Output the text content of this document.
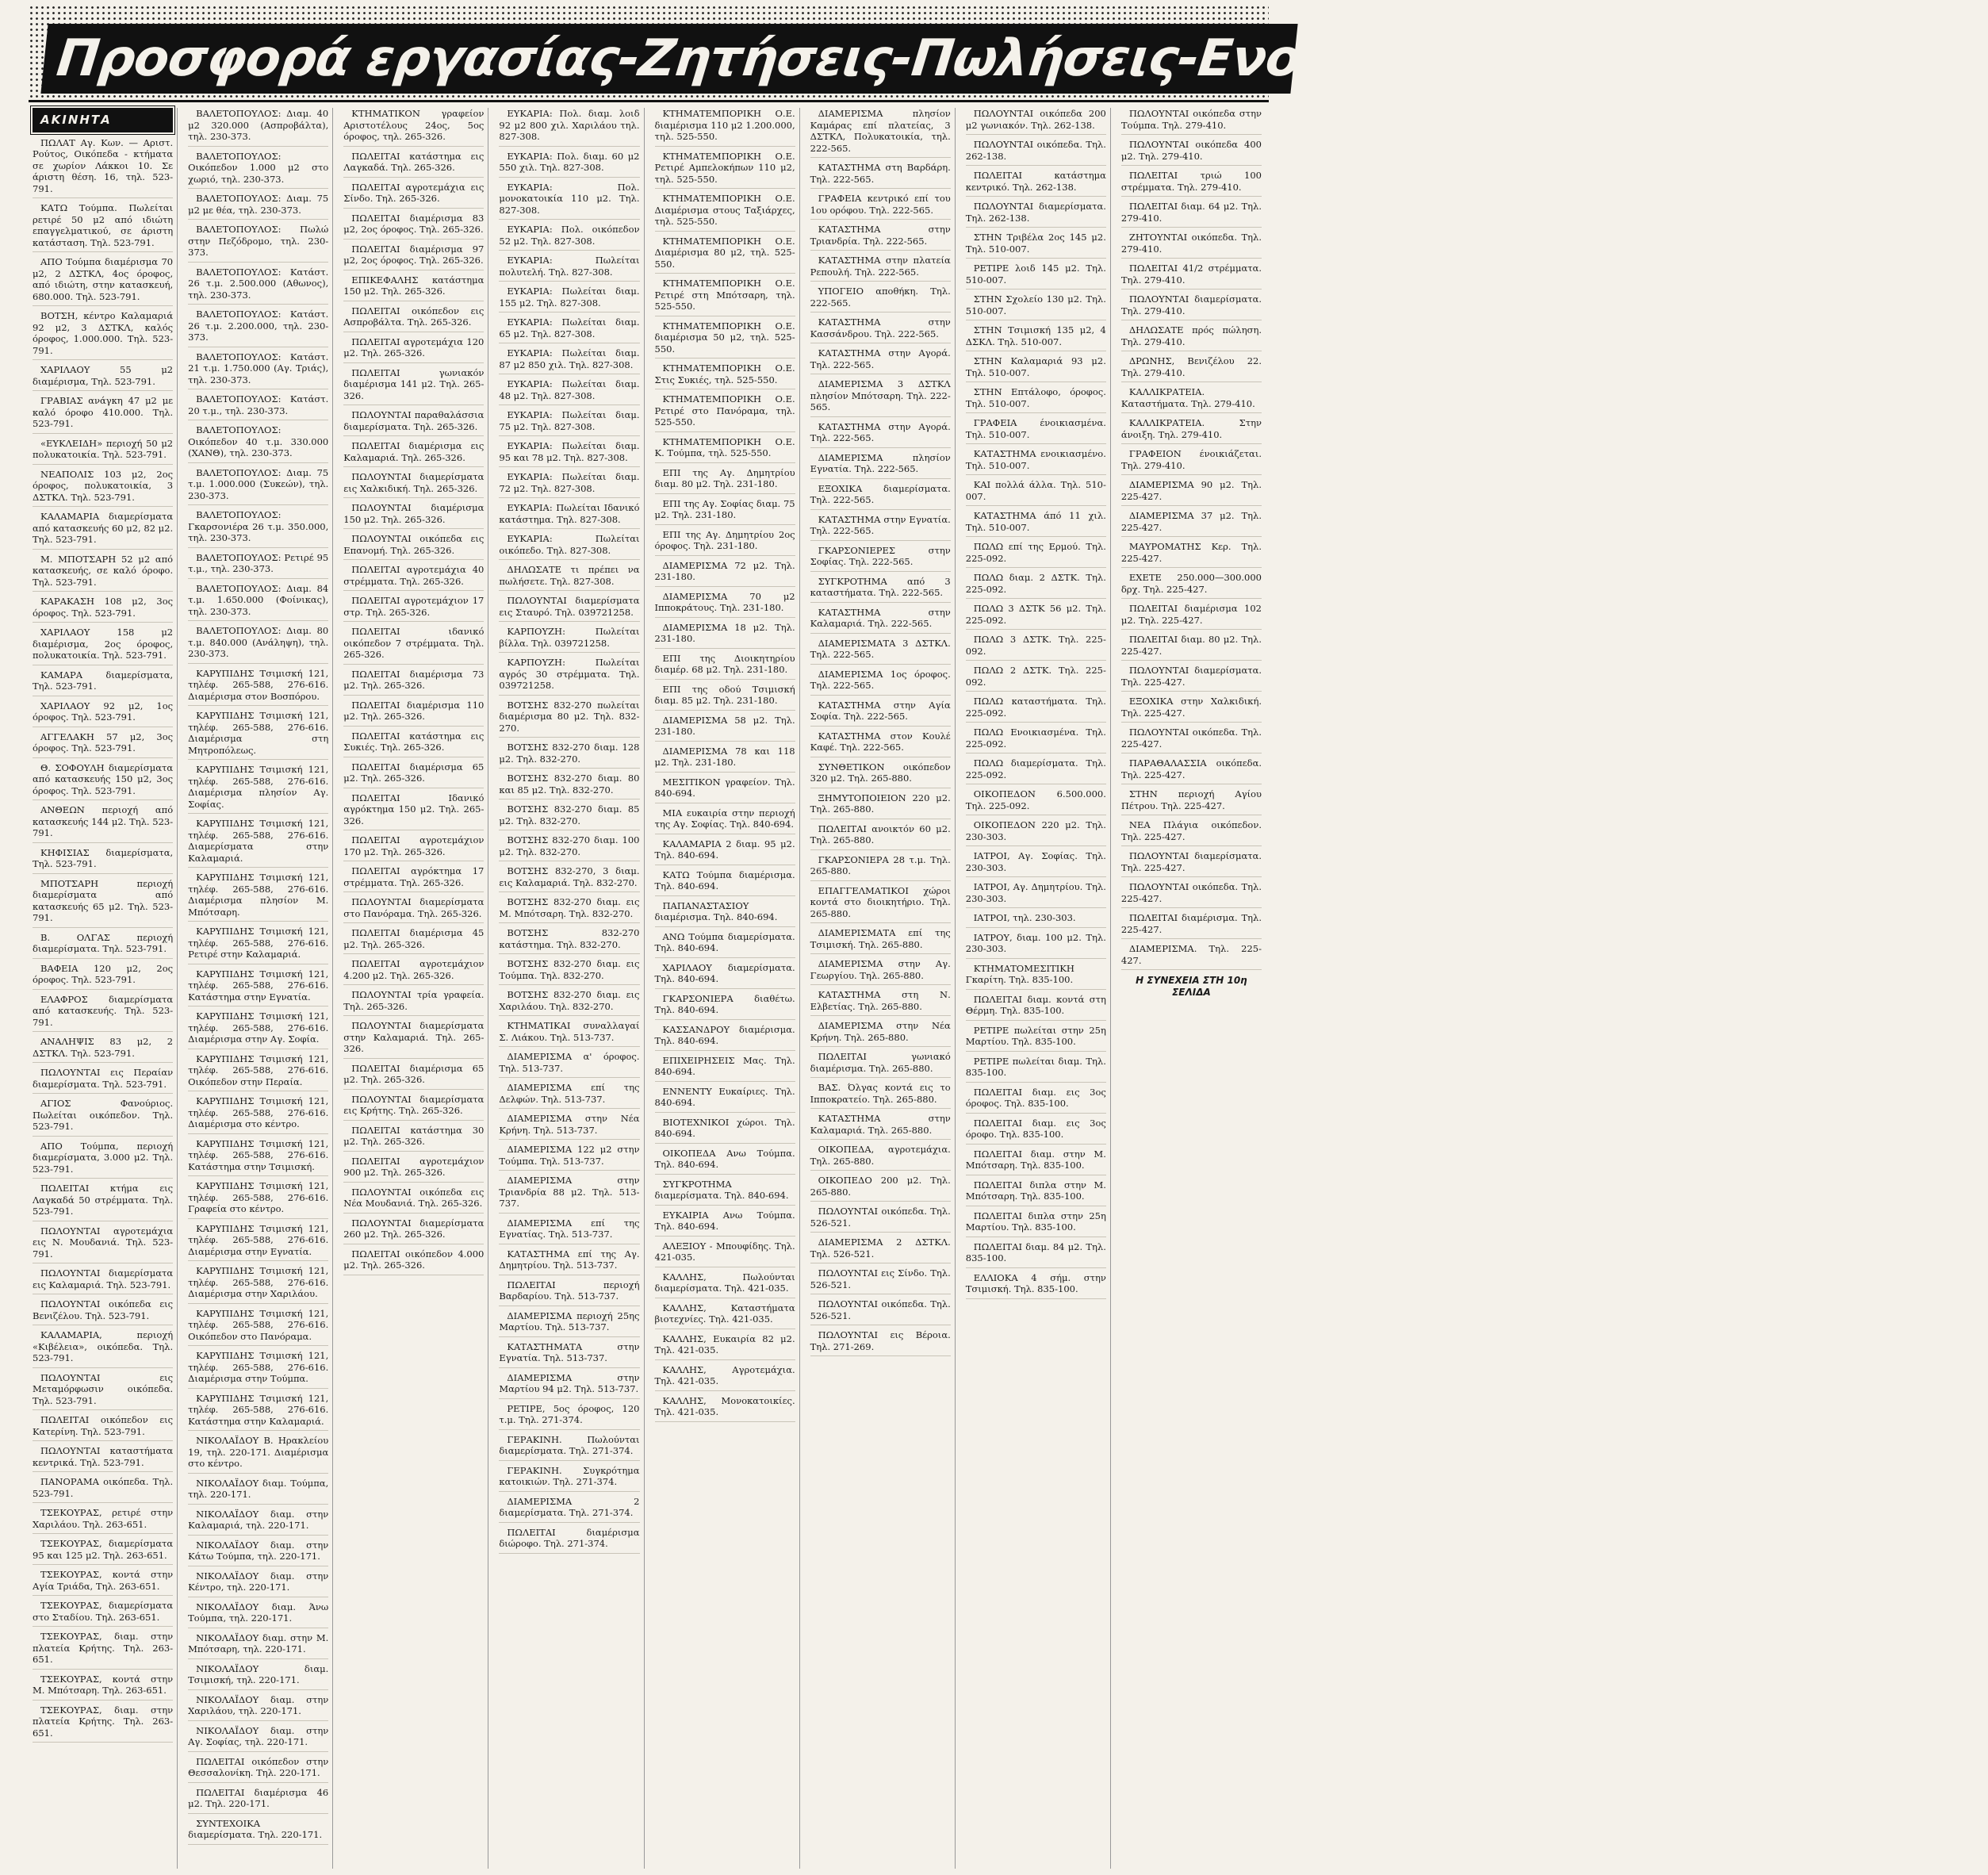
Προσφορά εργασίας-Ζητήσεις-Πωλήσεις-Ενοικιάσεις-Αγοραί-Ακίνητα
ΑΚΙΝΗΤΑ

ΠΩΛΑΤ Αγ. Κων. — Αριστ. Ρούτος, Οικόπεδα - κτήματα σε χωρίον Λάκκοι 10. Σε άριστη θέση. 16, τηλ. 523-791.

ΚΑΤΩ Τούμπα. Πωλείται ρετιρέ 50 μ2 από ιδιώτη επαγγελματικού, σε άριστη κατάσταση. Τηλ. 523-791.

ΑΠΟ Τούμπα διαμέρισμα 70 μ2, 2 ΔΣΤΚΛ, 4ος όροφος, από ιδιώτη, στην κατασκευή, 680.000. Τηλ. 523-791.

ΒΟΤΣΗ, κέντρο Καλαμαριά 92 μ2, 3 ΔΣΤΚΛ, καλός όροφος, 1.000.000. Τηλ. 523-791.

ΧΑΡΙΛΑΟΥ 55 μ2 διαμέρισμα, Τηλ. 523-791.

ΓΡΑΒΙΑΣ ανάγκη 47 μ2 με καλό όροφο 410.000. Τηλ. 523-791.

«ΕΥΚΛΕΙΔΗ» περιοχή 50 μ2 πολυκατοικία. Τηλ. 523-791.

ΝΕΑΠΟΛΙΣ 103 μ2, 2ος όροφος, πολυκατοικία, 3 ΔΣΤΚΛ. Τηλ. 523-791.

ΚΑΛΑΜΑΡΙΑ διαμερίσματα από κατασκευής 60 μ2, 82 μ2. Τηλ. 523-791.

Μ. ΜΠΟΤΣΑΡΗ 52 μ2 από κατασκευής, σε καλό όροφο. Τηλ. 523-791.

ΚΑΡΑΚΑΣΗ 108 μ2, 3ος όροφος. Τηλ. 523-791.

ΧΑΡΙΛΑΟΥ 158 μ2 διαμέρισμα, 2ος όροφος, πολυκατοικία. Τηλ. 523-791.

ΚΑΜΑΡΑ διαμερίσματα, Τηλ. 523-791.

ΧΑΡΙΛΑΟΥ 92 μ2, 1ος όροφος. Τηλ. 523-791.

ΑΓΓΕΛΑΚΗ 57 μ2, 3ος όροφος. Τηλ. 523-791.

Θ. ΣΟΦΟΥΛΗ διαμερίσματα από κατασκευής 150 μ2, 3ος όροφος. Τηλ. 523-791.

ΑΝΘΕΩΝ περιοχή από κατασκευής 144 μ2. Τηλ. 523-791.

ΚΗΦΙΣΙΑΣ διαμερίσματα, Τηλ. 523-791.

ΜΠΟΤΣΑΡΗ περιοχή διαμερίσματα από κατασκευής 65 μ2. Τηλ. 523-791.

Β. ΟΛΓΑΣ περιοχή διαμερίσματα. Τηλ. 523-791.

ΒΑΦΕΙΑ 120 μ2, 2ος όροφος. Τηλ. 523-791.

ΕΛΑΦΡΟΣ διαμερίσματα από κατασκευής. Τηλ. 523-791.

ΑΝΑΛΗΨΙΣ 83 μ2, 2 ΔΣΤΚΛ. Τηλ. 523-791.

ΠΩΛΟΥΝΤΑΙ εις Περαίαν διαμερίσματα. Τηλ. 523-791.

ΑΓΙΟΣ Φανούριος. Πωλείται οικόπεδον. Τηλ. 523-791.

ΑΠΟ Τούμπα, περιοχή διαμερίσματα, 3.000 μ2. Τηλ. 523-791.

ΠΩΛΕΙΤΑΙ κτήμα εις Λαγκαδά 50 στρέμματα. Τηλ. 523-791.

ΠΩΛΟΥΝΤΑΙ αγροτεμάχια εις Ν. Μουδανιά. Τηλ. 523-791.

ΠΩΛΟΥΝΤΑΙ διαμερίσματα εις Καλαμαριά. Τηλ. 523-791.

ΠΩΛΟΥΝΤΑΙ οικόπεδα εις Βενιζέλου. Τηλ. 523-791.

ΚΑΛΑΜΑΡΙΑ, περιοχή «Κιβέλεια», οικόπεδα. Τηλ. 523-791.

ΠΩΛΟΥΝΤΑΙ εις Μεταμόρφωσιν οικόπεδα. Τηλ. 523-791.

ΠΩΛΕΙΤΑΙ οικόπεδον εις Κατερίνη. Τηλ. 523-791.

ΠΩΛΟΥΝΤΑΙ καταστήματα κεντρικά. Τηλ. 523-791.

ΠΑΝΟΡΑΜΑ οικόπεδα. Τηλ. 523-791.

ΤΣΕΚΟΥΡΑΣ, ρετιρέ στην Χαριλάου. Τηλ. 263-651.

ΤΣΕΚΟΥΡΑΣ, διαμερίσματα 95 και 125 μ2. Τηλ. 263-651.

ΤΣΕΚΟΥΡΑΣ, κοντά στην Αγία Τριάδα, Τηλ. 263-651.

ΤΣΕΚΟΥΡΑΣ, διαμερίσματα στο Σταδίου. Τηλ. 263-651.

ΤΣΕΚΟΥΡΑΣ, διαμ. στην πλατεία Κρήτης. Τηλ. 263-651.

ΤΣΕΚΟΥΡΑΣ, κοντά στην Μ. Μπότσαρη. Τηλ. 263-651.

ΤΣΕΚΟΥΡΑΣ, διαμ. στην πλατεία Κρήτης. Τηλ. 263-651.

ΒΑΛΕΤΟΠΟΥΛΟΣ: Διαμ. 40 μ2 320.000 (Ασπροβάλτα), τηλ. 230-373.

ΒΑΛΕΤΟΠΟΥΛΟΣ: Οικόπεδον 1.000 μ2 στο χωριό, τηλ. 230-373.

ΒΑΛΕΤΟΠΟΥΛΟΣ: Διαμ. 75 μ2 με θέα, τηλ. 230-373.

ΒΑΛΕΤΟΠΟΥΛΟΣ: Πωλώ στην Πεζόδρομο, τηλ. 230-373.

ΒΑΛΕΤΟΠΟΥΛΟΣ: Κατάστ. 26 τ.μ. 2.500.000 (Αθωνος), τηλ. 230-373.

ΒΑΛΕΤΟΠΟΥΛΟΣ: Κατάστ. 26 τ.μ. 2.200.000, τηλ. 230-373.

ΒΑΛΕΤΟΠΟΥΛΟΣ: Κατάστ. 21 τ.μ. 1.750.000 (Αγ. Τριάς), τηλ. 230-373.

ΒΑΛΕΤΟΠΟΥΛΟΣ: Κατάστ. 20 τ.μ., τηλ. 230-373.

ΒΑΛΕΤΟΠΟΥΛΟΣ: Οικόπεδον 40 τ.μ. 330.000 (ΧΑΝΘ), τηλ. 230-373.

ΒΑΛΕΤΟΠΟΥΛΟΣ: Διαμ. 75 τ.μ. 1.000.000 (Συκεών), τηλ. 230-373.

ΒΑΛΕΤΟΠΟΥΛΟΣ: Γκαρσονιέρα 26 τ.μ. 350.000, τηλ. 230-373.

ΒΑΛΕΤΟΠΟΥΛΟΣ: Ρετιρέ 95 τ.μ., τηλ. 230-373.

ΒΑΛΕΤΟΠΟΥΛΟΣ: Διαμ. 84 τ.μ. 1.650.000 (Φοίνικας), τηλ. 230-373.

ΒΑΛΕΤΟΠΟΥΛΟΣ: Διαμ. 80 τ.μ. 840.000 (Ανάληψη), τηλ. 230-373.

ΚΑΡΥΠΙΔΗΣ Τσιμισκή 121, τηλέφ. 265-588, 276-616. Διαμέρισμα στον Βοσπόρου.

ΚΑΡΥΠΙΔΗΣ Τσιμισκή 121, τηλέφ. 265-588, 276-616. Διαμέρισμα στη Μητροπόλεως.

ΚΑΡΥΠΙΔΗΣ Τσιμισκή 121, τηλέφ. 265-588, 276-616. Διαμέρισμα πλησίον Αγ. Σοφίας.

ΚΑΡΥΠΙΔΗΣ Τσιμισκή 121, τηλέφ. 265-588, 276-616. Διαμερίσματα στην Καλαμαριά.

ΚΑΡΥΠΙΔΗΣ Τσιμισκή 121, τηλέφ. 265-588, 276-616. Διαμέρισμα πλησίον Μ. Μπότσαρη.

ΚΑΡΥΠΙΔΗΣ Τσιμισκή 121, τηλέφ. 265-588, 276-616. Ρετιρέ στην Καλαμαριά.

ΚΑΡΥΠΙΔΗΣ Τσιμισκή 121, τηλέφ. 265-588, 276-616. Κατάστημα στην Εγνατία.

ΚΑΡΥΠΙΔΗΣ Τσιμισκή 121, τηλέφ. 265-588, 276-616. Διαμέρισμα στην Αγ. Σοφία.

ΚΑΡΥΠΙΔΗΣ Τσιμισκή 121, τηλέφ. 265-588, 276-616. Οικόπεδον στην Περαία.

ΚΑΡΥΠΙΔΗΣ Τσιμισκή 121, τηλέφ. 265-588, 276-616. Διαμέρισμα στο κέντρο.

ΚΑΡΥΠΙΔΗΣ Τσιμισκή 121, τηλέφ. 265-588, 276-616. Κατάστημα στην Τσιμισκή.

ΚΑΡΥΠΙΔΗΣ Τσιμισκή 121, τηλέφ. 265-588, 276-616. Γραφεία στο κέντρο.

ΚΑΡΥΠΙΔΗΣ Τσιμισκή 121, τηλέφ. 265-588, 276-616. Διαμέρισμα στην Εγνατία.

ΚΑΡΥΠΙΔΗΣ Τσιμισκή 121, τηλέφ. 265-588, 276-616. Διαμέρισμα στην Χαριλάου.

ΚΑΡΥΠΙΔΗΣ Τσιμισκή 121, τηλέφ. 265-588, 276-616. Οικόπεδον στο Πανόραμα.

ΚΑΡΥΠΙΔΗΣ Τσιμισκή 121, τηλέφ. 265-588, 276-616. Διαμέρισμα στην Τούμπα.

ΚΑΡΥΠΙΔΗΣ Τσιμισκή 121, τηλέφ. 265-588, 276-616. Κατάστημα στην Καλαμαριά.

ΝΙΚΟΛΑΪΔΟΥ Β. Ηρακλείου 19, τηλ. 220-171. Διαμέρισμα στο κέντρο.

ΝΙΚΟΛΑΪΔΟΥ διαμ. Τούμπα, τηλ. 220-171.

ΝΙΚΟΛΑΪΔΟΥ διαμ. στην Καλαμαριά, τηλ. 220-171.

ΝΙΚΟΛΑΪΔΟΥ διαμ. στην Κάτω Τούμπα, τηλ. 220-171.

ΝΙΚΟΛΑΪΔΟΥ διαμ. στην Κέντρο, τηλ. 220-171.

ΝΙΚΟΛΑΪΔΟΥ διαμ. Άνω Τούμπα, τηλ. 220-171.

ΝΙΚΟΛΑΪΔΟΥ διαμ. στην Μ. Μπότσαρη, τηλ. 220-171.

ΝΙΚΟΛΑΪΔΟΥ διαμ. Τσιμισκή, τηλ. 220-171.

ΝΙΚΟΛΑΪΔΟΥ διαμ. στην Χαριλάου, τηλ. 220-171.

ΝΙΚΟΛΑΪΔΟΥ διαμ. στην Αγ. Σοφίας, τηλ. 220-171.

ΠΩΛΕΙΤΑΙ οικόπεδον στην Θεσσαλονίκη. Τηλ. 220-171.

ΠΩΛΕΙΤΑΙ διαμέρισμα 46 μ2. Τηλ. 220-171.

ΣΥΝΤΕΧΟΙΚΑ διαμερίσματα. Τηλ. 220-171.

ΚΤΗΜΑΤΙΚΟΝ γραφείον Αριστοτέλους 24ος, 5ος όροφος, τηλ. 265-326.

ΠΩΛΕΙΤΑΙ κατάστημα εις Λαγκαδά. Τηλ. 265-326.

ΠΩΛΕΙΤΑΙ αγροτεμάχια εις Σίνδο. Τηλ. 265-326.

ΠΩΛΕΙΤΑΙ διαμέρισμα 83 μ2, 2ος όροφος. Τηλ. 265-326.

ΠΩΛΕΙΤΑΙ διαμέρισμα 97 μ2, 2ος όροφος. Τηλ. 265-326.

ΕΠΙΚΕΦΑΛΗΣ κατάστημα 150 μ2. Τηλ. 265-326.

ΠΩΛΕΙΤΑΙ οικόπεδον εις Ασπροβάλτα. Τηλ. 265-326.

ΠΩΛΕΙΤΑΙ αγροτεμάχια 120 μ2. Τηλ. 265-326.

ΠΩΛΕΙΤΑΙ γωνιακόν διαμέρισμα 141 μ2. Τηλ. 265-326.

ΠΩΛΟΥΝΤΑΙ παραθαλάσσια διαμερίσματα. Τηλ. 265-326.

ΠΩΛΕΙΤΑΙ διαμέρισμα εις Καλαμαριά. Τηλ. 265-326.

ΠΩΛΟΥΝΤΑΙ διαμερίσματα εις Χαλκιδική. Τηλ. 265-326.

ΠΩΛΟΥΝΤΑΙ διαμέρισμα 150 μ2. Τηλ. 265-326.

ΠΩΛΟΥΝΤΑΙ οικόπεδα εις Επανομή. Τηλ. 265-326.

ΠΩΛΕΙΤΑΙ αγροτεμάχια 40 στρέμματα. Τηλ. 265-326.

ΠΩΛΕΙΤΑΙ αγροτεμάχιον 17 στρ. Τηλ. 265-326.

ΠΩΛΕΙΤΑΙ ιδανικό οικόπεδον 7 στρέμματα. Τηλ. 265-326.

ΠΩΛΕΙΤΑΙ διαμέρισμα 73 μ2. Τηλ. 265-326.

ΠΩΛΕΙΤΑΙ διαμέρισμα 110 μ2. Τηλ. 265-326.

ΠΩΛΕΙΤΑΙ κατάστημα εις Συκιές. Τηλ. 265-326.

ΠΩΛΕΙΤΑΙ διαμέρισμα 65 μ2. Τηλ. 265-326.

ΠΩΛΕΙΤΑΙ Ιδανικό αγρόκτημα 150 μ2. Τηλ. 265-326.

ΠΩΛΕΙΤΑΙ αγροτεμάχιον 170 μ2. Τηλ. 265-326.

ΠΩΛΕΙΤΑΙ αγρόκτημα 17 στρέμματα. Τηλ. 265-326.

ΠΩΛΟΥΝΤΑΙ διαμερίσματα στο Πανόραμα. Τηλ. 265-326.

ΠΩΛΕΙΤΑΙ διαμέρισμα 45 μ2. Τηλ. 265-326.

ΠΩΛΕΙΤΑΙ αγροτεμάχιον 4.200 μ2. Τηλ. 265-326.

ΠΩΛΟΥΝΤΑΙ τρία γραφεία. Τηλ. 265-326.

ΠΩΛΟΥΝΤΑΙ διαμερίσματα στην Καλαμαριά. Τηλ. 265-326.

ΠΩΛΕΙΤΑΙ διαμέρισμα 65 μ2. Τηλ. 265-326.

ΠΩΛΟΥΝΤΑΙ διαμερίσματα εις Κρήτης. Τηλ. 265-326.

ΠΩΛΕΙΤΑΙ κατάστημα 30 μ2. Τηλ. 265-326.

ΠΩΛΕΙΤΑΙ αγροτεμάχιον 900 μ2. Τηλ. 265-326.

ΠΩΛΟΥΝΤΑΙ οικόπεδα εις Νέα Μουδανιά. Τηλ. 265-326.

ΠΩΛΟΥΝΤΑΙ διαμερίσματα 260 μ2. Τηλ. 265-326.

ΠΩΛΕΙΤΑΙ οικόπεδον 4.000 μ2. Τηλ. 265-326.

ΕΥΚΑΡΙΑ: Πολ. διαμ. λοιδ 92 μ2 800 χιλ. Χαριλάου τηλ. 827-308.

ΕΥΚΑΡΙΑ: Πολ. διαμ. 60 μ2 550 χιλ. Τηλ. 827-308.

ΕΥΚΑΡΙΑ: Πολ. μονοκατοικία 110 μ2. Τηλ. 827-308.

ΕΥΚΑΡΙΑ: Πολ. οικόπεδον 52 μ2. Τηλ. 827-308.

ΕΥΚΑΡΙΑ: Πωλείται πολυτελή. Τηλ. 827-308.

ΕΥΚΑΡΙΑ: Πωλείται διαμ. 155 μ2. Τηλ. 827-308.

ΕΥΚΑΡΙΑ: Πωλείται διαμ. 65 μ2. Τηλ. 827-308.

ΕΥΚΑΡΙΑ: Πωλείται διαμ. 87 μ2 850 χιλ. Τηλ. 827-308.

ΕΥΚΑΡΙΑ: Πωλείται διαμ. 48 μ2. Τηλ. 827-308.

ΕΥΚΑΡΙΑ: Πωλείται διαμ. 75 μ2. Τηλ. 827-308.

ΕΥΚΑΡΙΑ: Πωλείται διαμ. 95 και 78 μ2. Τηλ. 827-308.

ΕΥΚΑΡΙΑ: Πωλείται διαμ. 72 μ2. Τηλ. 827-308.

ΕΥΚΑΡΙΑ: Πωλείται Ιδανικό κατάστημα. Τηλ. 827-308.

ΕΥΚΑΡΙΑ: Πωλείται οικόπεδο. Τηλ. 827-308.

ΔΗΛΩΣΑΤΕ τι πρέπει να πωλήσετε. Τηλ. 827-308.

ΠΩΛΟΥΝΤΑΙ διαμερίσματα εις Σταυρό. Τηλ. 039721258.

ΚΑΡΠΟΥΖΗ: Πωλείται βίλλα. Τηλ. 039721258.

ΚΑΡΠΟΥΖΗ: Πωλείται αγρός 30 στρέμματα. Τηλ. 039721258.

ΒΟΤΣΗΣ 832-270 πωλείται διαμέρισμα 80 μ2. Τηλ. 832-270.

ΒΟΤΣΗΣ 832-270 διαμ. 128 μ2. Τηλ. 832-270.

ΒΟΤΣΗΣ 832-270 διαμ. 80 και 85 μ2. Τηλ. 832-270.

ΒΟΤΣΗΣ 832-270 διαμ. 85 μ2. Τηλ. 832-270.

ΒΟΤΣΗΣ 832-270 διαμ. 100 μ2. Τηλ. 832-270.

ΒΟΤΣΗΣ 832-270, 3 διαμ. εις Καλαμαριά. Τηλ. 832-270.

ΒΟΤΣΗΣ 832-270 διαμ. εις Μ. Μπότσαρη. Τηλ. 832-270.

ΒΟΤΣΗΣ 832-270 κατάστημα. Τηλ. 832-270.

ΒΟΤΣΗΣ 832-270 διαμ. εις Τούμπα. Τηλ. 832-270.

ΒΟΤΣΗΣ 832-270 διαμ. εις Χαριλάου. Τηλ. 832-270.

ΚΤΗΜΑΤΙΚΑΙ συναλλαγαί Σ. Λιάκου. Τηλ. 513-737.

ΔΙΑΜΕΡΙΣΜΑ α' όροφος. Τηλ. 513-737.

ΔΙΑΜΕΡΙΣΜΑ επί της Δελφών. Τηλ. 513-737.

ΔΙΑΜΕΡΙΣΜΑ στην Νέα Κρήνη. Τηλ. 513-737.

ΔΙΑΜΕΡΙΣΜΑ 122 μ2 στην Τούμπα. Τηλ. 513-737.

ΔΙΑΜΕΡΙΣΜΑ στην Τριανδρία 88 μ2. Τηλ. 513-737.

ΔΙΑΜΕΡΙΣΜΑ επί της Εγνατίας. Τηλ. 513-737.

ΚΑΤΑΣΤΗΜΑ επί της Αγ. Δημητρίου. Τηλ. 513-737.

ΠΩΛΕΙΤΑΙ περιοχή Βαρδαρίου. Τηλ. 513-737.

ΔΙΑΜΕΡΙΣΜΑ περιοχή 25ης Μαρτίου. Τηλ. 513-737.

ΚΑΤΑΣΤΗΜΑΤΑ στην Εγνατία. Τηλ. 513-737.

ΔΙΑΜΕΡΙΣΜΑ στην Μαρτίου 94 μ2. Τηλ. 513-737.

ΡΕΤΙΡΕ, 5ος όροφος, 120 τ.μ. Τηλ. 271-374.

ΓΕΡΑΚΙΝΗ. Πωλούνται διαμερίσματα. Τηλ. 271-374.

ΓΕΡΑΚΙΝΗ. Συγκρότημα κατοικιών. Τηλ. 271-374.

ΔΙΑΜΕΡΙΣΜΑ 2 διαμερίσματα. Τηλ. 271-374.

ΠΩΛΕΙΤΑΙ διαμέρισμα διώροφο. Τηλ. 271-374.

ΚΤΗΜΑΤΕΜΠΟΡΙΚΗ Ο.Ε. διαμέρισμα 110 μ2 1.200.000, τηλ. 525-550.

ΚΤΗΜΑΤΕΜΠΟΡΙΚΗ Ο.Ε. Ρετιρέ Αμπελοκήπων 110 μ2, τηλ. 525-550.

ΚΤΗΜΑΤΕΜΠΟΡΙΚΗ Ο.Ε. Διαμέρισμα στους Ταξιάρχες, τηλ. 525-550.

ΚΤΗΜΑΤΕΜΠΟΡΙΚΗ Ο.Ε. Διαμέρισμα 80 μ2, τηλ. 525-550.

ΚΤΗΜΑΤΕΜΠΟΡΙΚΗ Ο.Ε. Ρετιρέ στη Μπότσαρη, τηλ. 525-550.

ΚΤΗΜΑΤΕΜΠΟΡΙΚΗ Ο.Ε. διαμέρισμα 50 μ2, τηλ. 525-550.

ΚΤΗΜΑΤΕΜΠΟΡΙΚΗ Ο.Ε. Στις Συκιές, τηλ. 525-550.

ΚΤΗΜΑΤΕΜΠΟΡΙΚΗ Ο.Ε. Ρετιρέ στο Πανόραμα, τηλ. 525-550.

ΚΤΗΜΑΤΕΜΠΟΡΙΚΗ Ο.Ε. Κ. Τούμπα, τηλ. 525-550.

ΕΠΙ της Αγ. Δημητρίου διαμ. 80 μ2. Τηλ. 231-180.

ΕΠΙ της Αγ. Σοφίας διαμ. 75 μ2. Τηλ. 231-180.

ΕΠΙ της Αγ. Δημητρίου 2ος όροφος. Τηλ. 231-180.

ΔΙΑΜΕΡΙΣΜΑ 72 μ2. Τηλ. 231-180.

ΔΙΑΜΕΡΙΣΜΑ 70 μ2 Ιπποκράτους. Τηλ. 231-180.

ΔΙΑΜΕΡΙΣΜΑ 18 μ2. Τηλ. 231-180.

ΕΠΙ της Διοικητηρίου διαμέρ. 68 μ2. Τηλ. 231-180.

ΕΠΙ της οδού Τσιμισκή διαμ. 85 μ2. Τηλ. 231-180.

ΔΙΑΜΕΡΙΣΜΑ 58 μ2. Τηλ. 231-180.

ΔΙΑΜΕΡΙΣΜΑ 78 και 118 μ2. Τηλ. 231-180.

ΜΕΣΙΤΙΚΟΝ γραφείον. Τηλ. 840-694.

ΜΙΑ ευκαιρία στην περιοχή της Αγ. Σοφίας. Τηλ. 840-694.

ΚΑΛΑΜΑΡΙΑ 2 διαμ. 95 μ2. Τηλ. 840-694.

ΚΑΤΩ Τούμπα διαμέρισμα. Τηλ. 840-694.

ΠΑΠΑΝΑΣΤΑΣΙΟΥ διαμέρισμα. Τηλ. 840-694.

ΑΝΩ Τούμπα διαμερίσματα. Τηλ. 840-694.

ΧΑΡΙΛΑΟΥ διαμερίσματα. Τηλ. 840-694.

ΓΚΑΡΣΟΝΙΕΡΑ διαθέτω. Τηλ. 840-694.

ΚΑΣΣΑΝΔΡΟΥ διαμέρισμα. Τηλ. 840-694.

ΕΠΙΧΕΙΡΗΣΕΙΣ Μας. Τηλ. 840-694.

ΕΝΝΕΝΤΥ Ευκαίριες. Τηλ. 840-694.

ΒΙΟΤΕΧΝΙΚΟΙ χώροι. Τηλ. 840-694.

ΟΙΚΟΠΕΔΑ Ανω Τούμπα. Τηλ. 840-694.

ΣΥΓΚΡΟΤΗΜΑ διαμερίσματα. Τηλ. 840-694.

ΕΥΚΑΙΡΙΑ Ανω Τούμπα. Τηλ. 840-694.

ΑΛΕΞΙΟΥ - Μπουφίδης. Τηλ. 421-035.

ΚΑΛΛΗΣ, Πωλούνται διαμερίσματα. Τηλ. 421-035.

ΚΑΛΛΗΣ, Καταστήματα βιοτεχνίες. Τηλ. 421-035.

ΚΑΛΛΗΣ, Ευκαιρία 82 μ2. Τηλ. 421-035.

ΚΑΛΛΗΣ, Αγροτεμάχια. Τηλ. 421-035.

ΚΑΛΛΗΣ, Μονοκατοικίες. Τηλ. 421-035.

ΔΙΑΜΕΡΙΣΜΑ πλησίον Καμάρας επί πλατείας, 3 ΔΣΤΚΛ, Πολυκατοικία, τηλ. 222-565.

ΚΑΤΑΣΤΗΜΑ στη Βαρδάρη. Τηλ. 222-565.

ΓΡΑΦΕΙΑ κεντρικό επί του 1ου ορόφου. Τηλ. 222-565.

ΚΑΤΑΣΤΗΜΑ στην Τριανδρία. Τηλ. 222-565.

ΚΑΤΑΣΤΗΜΑ στην πλατεία Ρεπουλή. Τηλ. 222-565.

ΥΠΟΓΕΙΟ αποθήκη. Τηλ. 222-565.

ΚΑΤΑΣΤΗΜΑ στην Κασσάνδρου. Τηλ. 222-565.

ΚΑΤΑΣΤΗΜΑ στην Αγορά. Τηλ. 222-565.

ΔΙΑΜΕΡΙΣΜΑ 3 ΔΣΤΚΛ πλησίον Μπότσαρη. Τηλ. 222-565.

ΚΑΤΑΣΤΗΜΑ στην Αγορά. Τηλ. 222-565.

ΔΙΑΜΕΡΙΣΜΑ πλησίον Εγνατία. Τηλ. 222-565.

ΕΞΟΧΙΚΑ διαμερίσματα. Τηλ. 222-565.

ΚΑΤΑΣΤΗΜΑ στην Εγνατία. Τηλ. 222-565.

ΓΚΑΡΣΟΝΙΕΡΕΣ στην Σοφίας. Τηλ. 222-565.

ΣΥΓΚΡΟΤΗΜΑ από 3 καταστήματα. Τηλ. 222-565.

ΚΑΤΑΣΤΗΜΑ στην Καλαμαριά. Τηλ. 222-565.

ΔΙΑΜΕΡΙΣΜΑΤΑ 3 ΔΣΤΚΛ. Τηλ. 222-565.

ΔΙΑΜΕΡΙΣΜΑ 1ος όροφος. Τηλ. 222-565.

ΚΑΤΑΣΤΗΜΑ στην Αγία Σοφία. Τηλ. 222-565.

ΚΑΤΑΣΤΗΜΑ στον Κουλέ Καφέ. Τηλ. 222-565.

ΣΥΝΘΕΤΙΚΟΝ οικόπεδον 320 μ2. Τηλ. 265-880.

ΞΗΜΥΤΟΠΟΙΕΙΟΝ 220 μ2. Τηλ. 265-880.

ΠΩΛΕΙΤΑΙ ανοικτόν 60 μ2. Τηλ. 265-880.

ΓΚΑΡΣΟΝΙΕΡΑ 28 τ.μ. Τηλ. 265-880.

ΕΠΑΓΓΕΛΜΑΤΙΚΟΙ χώροι κοντά στο διοικητήριο. Τηλ. 265-880.

ΔΙΑΜΕΡΙΣΜΑΤΑ επί της Τσιμισκή. Τηλ. 265-880.

ΔΙΑΜΕΡΙΣΜΑ στην Αγ. Γεωργίου. Τηλ. 265-880.

ΚΑΤΑΣΤΗΜΑ στη Ν. Ελβετίας. Τηλ. 265-880.

ΔΙΑΜΕΡΙΣΜΑ στην Νέα Κρήνη. Τηλ. 265-880.

ΠΩΛΕΙΤΑΙ γωνιακό διαμέρισμα. Τηλ. 265-880.

ΒΑΣ. Όλγας κοντά εις το Ιπποκρατείο. Τηλ. 265-880.

ΚΑΤΑΣΤΗΜΑ στην Καλαμαριά. Τηλ. 265-880.

ΟΙΚΟΠΕΔΑ, αγροτεμάχια. Τηλ. 265-880.

ΟΙΚΟΠΕΔΟ 200 μ2. Τηλ. 265-880.

ΠΩΛΟΥΝΤΑΙ οικόπεδα. Τηλ. 526-521.

ΔΙΑΜΕΡΙΣΜΑ 2 ΔΣΤΚΛ. Τηλ. 526-521.

ΠΩΛΟΥΝΤΑΙ εις Σίνδο. Τηλ. 526-521.

ΠΩΛΟΥΝΤΑΙ οικόπεδα. Τηλ. 526-521.

ΠΩΛΟΥΝΤΑΙ εις Βέροια. Τηλ. 271-269.

ΠΩΛΟΥΝΤΑΙ οικόπεδα 200 μ2 γωνιακόν. Τηλ. 262-138.

ΠΩΛΟΥΝΤΑΙ οικόπεδα. Τηλ. 262-138.

ΠΩΛΕΙΤΑΙ κατάστημα κεντρικό. Τηλ. 262-138.

ΠΩΛΟΥΝΤΑΙ διαμερίσματα. Τηλ. 262-138.

ΣΤΗΝ Τριβέλα 2ος 145 μ2. Τηλ. 510-007.

ΡΕΤΙΡΕ λοιδ 145 μ2. Τηλ. 510-007.

ΣΤΗΝ Σχολείο 130 μ2. Τηλ. 510-007.

ΣΤΗΝ Τσιμισκή 135 μ2, 4 ΔΣΚΛ. Τηλ. 510-007.

ΣΤΗΝ Καλαμαριά 93 μ2. Τηλ. 510-007.

ΣΤΗΝ Επτάλοφο, όροφος. Τηλ. 510-007.

ΓΡΑΦΕΙΑ ένοικιασμένα. Τηλ. 510-007.

ΚΑΤΑΣΤΗΜΑ ενοικιασμένο. Τηλ. 510-007.

ΚΑΙ πολλά άλλα. Τηλ. 510-007.

ΚΑΤΑΣΤΗΜΑ άπό 11 χιλ. Τηλ. 510-007.

ΠΩΛΩ επί της Ερμού. Τηλ. 225-092.

ΠΩΛΩ διαμ. 2 ΔΣΤΚ. Τηλ. 225-092.

ΠΩΛΩ 3 ΔΣΤΚ 56 μ2. Τηλ. 225-092.

ΠΩΛΩ 3 ΔΣΤΚ. Τηλ. 225-092.

ΠΩΛΩ 2 ΔΣΤΚ. Τηλ. 225-092.

ΠΩΛΩ καταστήματα. Τηλ. 225-092.

ΠΩΛΩ Ενοικιασμένα. Τηλ. 225-092.

ΠΩΛΩ διαμερίσματα. Τηλ. 225-092.

ΟΙΚΟΠΕΔΟΝ 6.500.000. Τηλ. 225-092.

ΟΙΚΟΠΕΔΟΝ 220 μ2. Τηλ. 230-303.

ΙΑΤΡΟΙ, Αγ. Σοφίας. Τηλ. 230-303.

ΙΑΤΡΟΙ, Αγ. Δημητρίου. Τηλ. 230-303.

ΙΑΤΡΟΙ, τηλ. 230-303.

ΙΑΤΡΟΥ, διαμ. 100 μ2. Τηλ. 230-303.

ΚΤΗΜΑΤΟΜΕΣΙΤΙΚΗ Γκαρίτη. Τηλ. 835-100.

ΠΩΛΕΙΤΑΙ διαμ. κοντά στη Θέρμη. Τηλ. 835-100.

ΡΕΤΙΡΕ πωλείται στην 25η Μαρτίου. Τηλ. 835-100.

ΡΕΤΙΡΕ πωλείται διαμ. Τηλ. 835-100.

ΠΩΛΕΙΤΑΙ διαμ. εις 3ος όροφος. Τηλ. 835-100.

ΠΩΛΕΙΤΑΙ διαμ. εις 3ος όροφο. Τηλ. 835-100.

ΠΩΛΕΙΤΑΙ διαμ. στην Μ. Μπότσαρη. Τηλ. 835-100.

ΠΩΛΕΙΤΑΙ διπλα στην Μ. Μπότσαρη. Τηλ. 835-100.

ΠΩΛΕΙΤΑΙ διπλα στην 25η Μαρτίου. Τηλ. 835-100.

ΠΩΛΕΙΤΑΙ διαμ. 84 μ2. Τηλ. 835-100.

ΕΛΛΙΟΚΑ 4 σήμ. στην Τσιμισκή. Τηλ. 835-100.

ΠΩΛΟΥΝΤΑΙ οικόπεδα στην Τούμπα. Τηλ. 279-410.

ΠΩΛΟΥΝΤΑΙ οικόπεδα 400 μ2. Τηλ. 279-410.

ΠΩΛΕΙΤΑΙ τριώ 100 στρέμματα. Τηλ. 279-410.

ΠΩΛΕΙΤΑΙ διαμ. 64 μ2. Τηλ. 279-410.

ΖΗΤΟΥΝΤΑΙ οικόπεδα. Τηλ. 279-410.

ΠΩΛΕΙΤΑΙ 41/2 στρέμματα. Τηλ. 279-410.

ΠΩΛΟΥΝΤΑΙ διαμερίσματα. Τηλ. 279-410.

ΔΗΛΩΣΑΤΕ πρός πώληση. Τηλ. 279-410.

ΔΡΩΝΗΣ, Βενιζέλου 22. Τηλ. 279-410.

ΚΑΛΛΙΚΡΑΤΕΙΑ. Καταστήματα. Τηλ. 279-410.

ΚΑΛΛΙΚΡΑΤΕΙΑ. Στην άνοιξη. Τηλ. 279-410.

ΓΡΑΦΕΙΟΝ ένοικιάζεται. Τηλ. 279-410.

ΔΙΑΜΕΡΙΣΜΑ 90 μ2. Τηλ. 225-427.

ΔΙΑΜΕΡΙΣΜΑ 37 μ2. Τηλ. 225-427.

ΜΑΥΡΟΜΑΤΗΣ Κερ. Τηλ. 225-427.

ΕΧΕΤΕ 250.000—300.000 δρχ. Τηλ. 225-427.

ΠΩΛΕΙΤΑΙ διαμέρισμα 102 μ2. Τηλ. 225-427.

ΠΩΛΕΙΤΑΙ διαμ. 80 μ2. Τηλ. 225-427.

ΠΩΛΟΥΝΤΑΙ διαμερίσματα. Τηλ. 225-427.

ΕΞΟΧΙΚΑ στην Χαλκιδική. Τηλ. 225-427.

ΠΩΛΟΥΝΤΑΙ οικόπεδα. Τηλ. 225-427.

ΠΑΡΑΘΑΛΑΣΣΙΑ οικόπεδα. Τηλ. 225-427.

ΣΤΗΝ περιοχή Αγίου Πέτρου. Τηλ. 225-427.

ΝΕΑ Πλάγια οικόπεδον. Τηλ. 225-427.

ΠΩΛΟΥΝΤΑΙ διαμερίσματα. Τηλ. 225-427.

ΠΩΛΟΥΝΤΑΙ οικόπεδα. Τηλ. 225-427.

ΠΩΛΕΙΤΑΙ διαμέρισμα. Τηλ. 225-427.

ΔΙΑΜΕΡΙΣΜΑ. Τηλ. 225-427.

Η ΣΥΝΕΧΕΙΑ ΣΤΗ 10η ΣΕΛΙΔΑ
